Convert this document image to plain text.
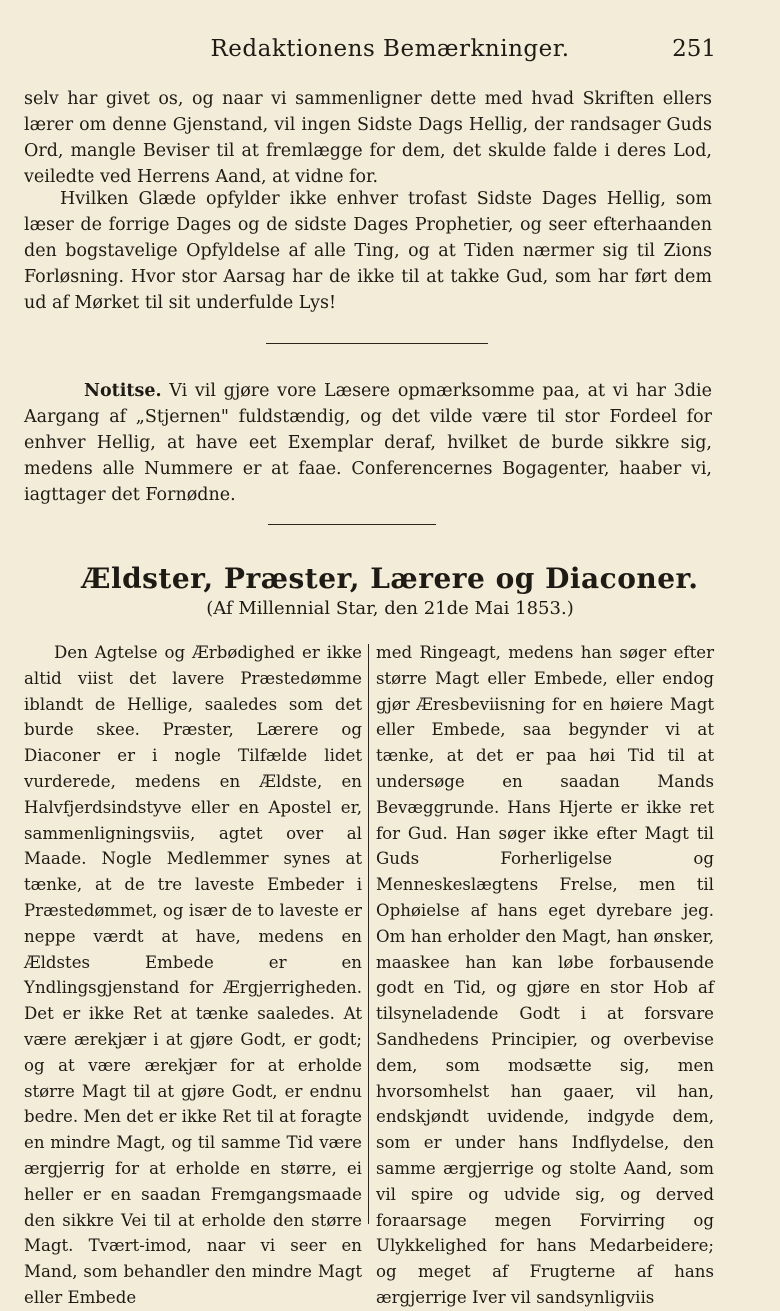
Redaktionens Bemærkninger.	251

selv har givet os, og naar vi sammenligner dette med hvad Skriften ellers lærer om denne Gjenstand, vil ingen Sidste Dags Hellig, der randsager Guds Ord, mangle Beviser til at fremlægge for dem, det skulde falde i deres Lod, veiledte ved Herrens Aand, at vidne for.

Hvilken Glæde opfylder ikke enhver trofast Sidste Dages Hellig, som læser de forrige Dages og de sidste Dages Prophetier, og seer efterhaanden den bogstavelige Opfyldelse af alle Ting, og at Tiden nærmer sig til Zions Forløsning. Hvor stor Aarsag har de ikke til at takke Gud, som har ført dem ud af Mørket til sit underfulde Lys!

Notitse. Vi vil gjøre vore Læsere opmærksomme paa, at vi har 3die Aargang af „Stjernen" fuldstændig, og det vilde være til stor Fordeel for enhver Hellig, at have eet Exemplar deraf, hvilket de burde sikkre sig, medens alle Nummere er at faae. Conferencernes Bogagenter, haaber vi, iagttager det Fornødne.

Ældster, Præster, Lærere og Diaconer.
(Af Millennial Star, den 21de Mai 1853.)

Den Agtelse og Ærbødighed er ikke altid viist det lavere Præstedømme iblandt de Hellige, saaledes som det burde skee. Præster, Lærere og Diaconer er i nogle Tilfælde lidet vurderede, medens en Ældste, en Halvfjerdsindstyve eller en Apostel er, sammenligningsviis, agtet over al Maade. Nogle Medlemmer synes at tænke, at de tre laveste Embeder i Præstedømmet, og især de to laveste er neppe værdt at have, medens en Ældstes Embede er en Yndlingsgjenstand for Ærgjerrigheden. Det er ikke Ret at tænke saaledes. At være ærekjær i at gjøre Godt, er godt; og at være ærekjær for at erholde større Magt til at gjøre Godt, er endnu bedre. Men det er ikke Ret til at foragte en mindre Magt, og til samme Tid være ærgjerrig for at erholde en større, ei heller er en saadan Fremgangsmaade den sikkre Vei til at erholde den større Magt. Tvært-imod, naar vi seer en Mand, som behandler den mindre Magt eller Embede

med Ringeagt, medens han søger efter større Magt eller Embede, eller endog gjør Æresbeviisning for en høiere Magt eller Embede, saa begynder vi at tænke, at det er paa høi Tid til at undersøge en saadan Mands Bevæggrunde. Hans Hjerte er ikke ret for Gud. Han søger ikke efter Magt til Guds Forherligelse og Menneskeslægtens Frelse, men til Ophøielse af hans eget dyrebare jeg. Om han erholder den Magt, han ønsker, maaskee han kan løbe forbausende godt en Tid, og gjøre en stor Hob af tilsyneladende Godt i at forsvare Sandhedens Principier, og overbevise dem, som modsætte sig, men hvorsomhelst han gaaer, vil han, endskjøndt uvidende, indgyde dem, som er under hans Indflydelse, den samme ærgjerrige og stolte Aand, som vil spire og udvide sig, og derved foraarsage megen Forvirring og Ulykkelighed for hans Medarbeidere; og meget af Frugterne af hans ærgjerrige Iver vil sandsynligviis
